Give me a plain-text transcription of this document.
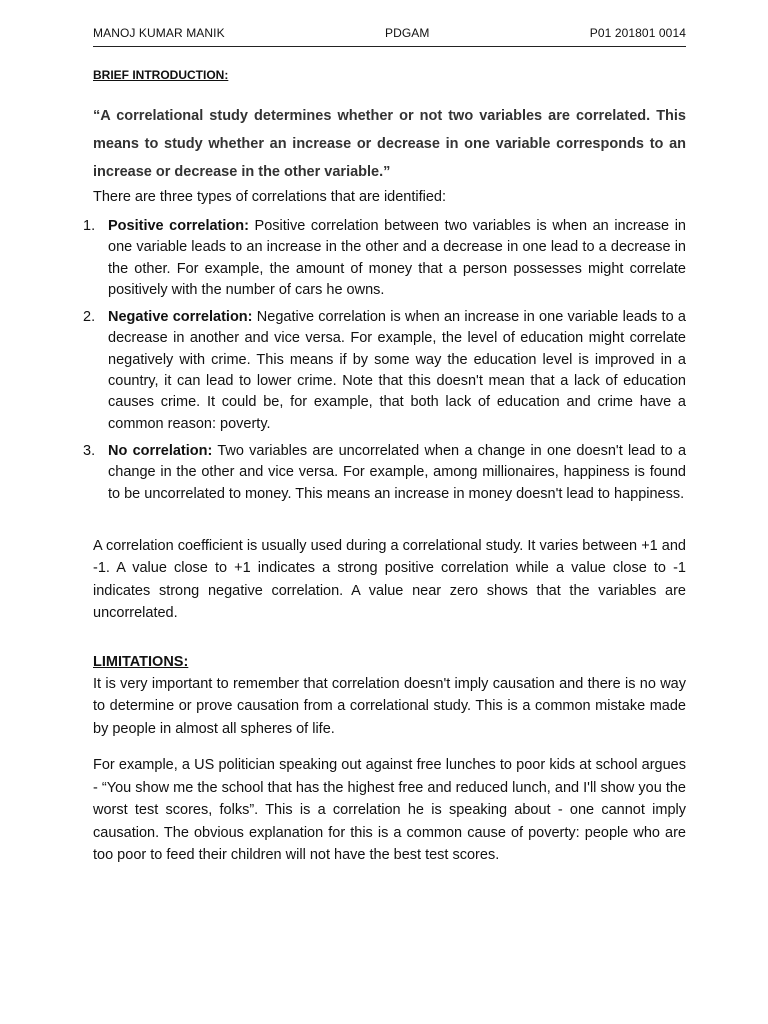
MANOJ KUMAR MANIK	PDGAM	P01 201801 0014
BRIEF INTRODUCTION:
“A correlational study determines whether or not two variables are correlated. This means to study whether an increase or decrease in one variable corresponds to an increase or decrease in the other variable.”
There are three types of correlations that are identified:
1. Positive correlation: Positive correlation between two variables is when an increase in one variable leads to an increase in the other and a decrease in one lead to a decrease in the other. For example, the amount of money that a person possesses might correlate positively with the number of cars he owns.
2. Negative correlation: Negative correlation is when an increase in one variable leads to a decrease in another and vice versa. For example, the level of education might correlate negatively with crime. This means if by some way the education level is improved in a country, it can lead to lower crime. Note that this doesn't mean that a lack of education causes crime. It could be, for example, that both lack of education and crime have a common reason: poverty.
3. No correlation: Two variables are uncorrelated when a change in one doesn't lead to a change in the other and vice versa. For example, among millionaires, happiness is found to be uncorrelated to money. This means an increase in money doesn't lead to happiness.
A correlation coefficient is usually used during a correlational study. It varies between +1 and -1. A value close to +1 indicates a strong positive correlation while a value close to -1 indicates strong negative correlation. A value near zero shows that the variables are uncorrelated.
LIMITATIONS:
It is very important to remember that correlation doesn't imply causation and there is no way to determine or prove causation from a correlational study. This is a common mistake made by people in almost all spheres of life.
For example, a US politician speaking out against free lunches to poor kids at school argues - “You show me the school that has the highest free and reduced lunch, and I'll show you the worst test scores, folks”. This is a correlation he is speaking about - one cannot imply causation. The obvious explanation for this is a common cause of poverty: people who are too poor to feed their children will not have the best test scores.
